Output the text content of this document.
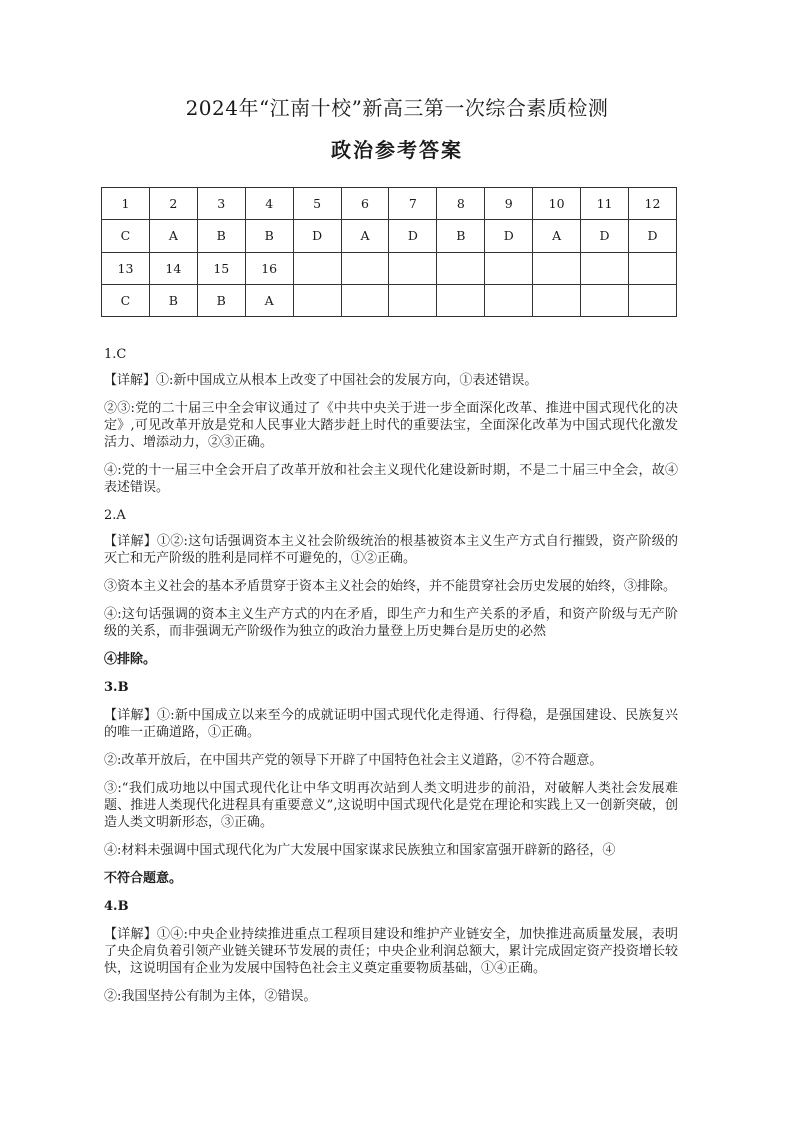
2024年“江南十校”新高三第一次综合素质检测
政治参考答案
1	2	3	4	5	6	7	8	9	10	11	12
C	A	B	B	D	A	D	B	D	A	D	D
13	14	15	16								
C	B	B	A								

1.C

【详解】①:新中国成立从根本上改变了中国社会的发展方向，①表述错误。

②③:党的二十届三中全会审议通过了《中共中央关于进一步全面深化改革、推进中国式现代化的决定》,可见改革开放是党和人民事业大踏步赶上时代的重要法宝，全面深化改革为中国式现代化激发活力、增添动力，②③正确。

④:党的十一届三中全会开启了改革开放和社会主义现代化建设新时期，不是二十届三中全会，故④表述错误。

2.A

【详解】①②:这句话强调资本主义社会阶级统治的根基被资本主义生产方式自行摧毁，资产阶级的灭亡和无产阶级的胜利是同样不可避免的，①②正确。

③资本主义社会的基本矛盾贯穿于资本主义社会的始终，并不能贯穿社会历史发展的始终，③排除。

④:这句话强调的资本主义生产方式的内在矛盾，即生产力和生产关系的矛盾，和资产阶级与无产阶级的关系，而非强调无产阶级作为独立的政治力量登上历史舞台是历史的必然

④排除。

3.B

【详解】①:新中国成立以来至今的成就证明中国式现代化走得通、行得稳，是强国建设、民族复兴的唯一正确道路，①正确。

②:改革开放后，在中国共产党的领导下开辟了中国特色社会主义道路，②不符合题意。

③:“我们成功地以中国式现代化让中华文明再次站到人类文明进步的前沿，对破解人类社会发展难题、推进人类现代化进程具有重要意义”,这说明中国式现代化是党在理论和实践上又一创新突破，创造人类文明新形态，③正确。

④:材料未强调中国式现代化为广大发展中国家谋求民族独立和国家富强开辟新的路径，④

不符合题意。

4.B

【详解】①④:中央企业持续推进重点工程项目建设和维护产业链安全，加快推进高质量发展，表明了央企肩负着引领产业链关键环节发展的责任；中央企业利润总额大，累计完成固定资产投资增长较快，这说明国有企业为发展中国特色社会主义奠定重要物质基础，①④正确。

②:我国坚持公有制为主体，②错误。
